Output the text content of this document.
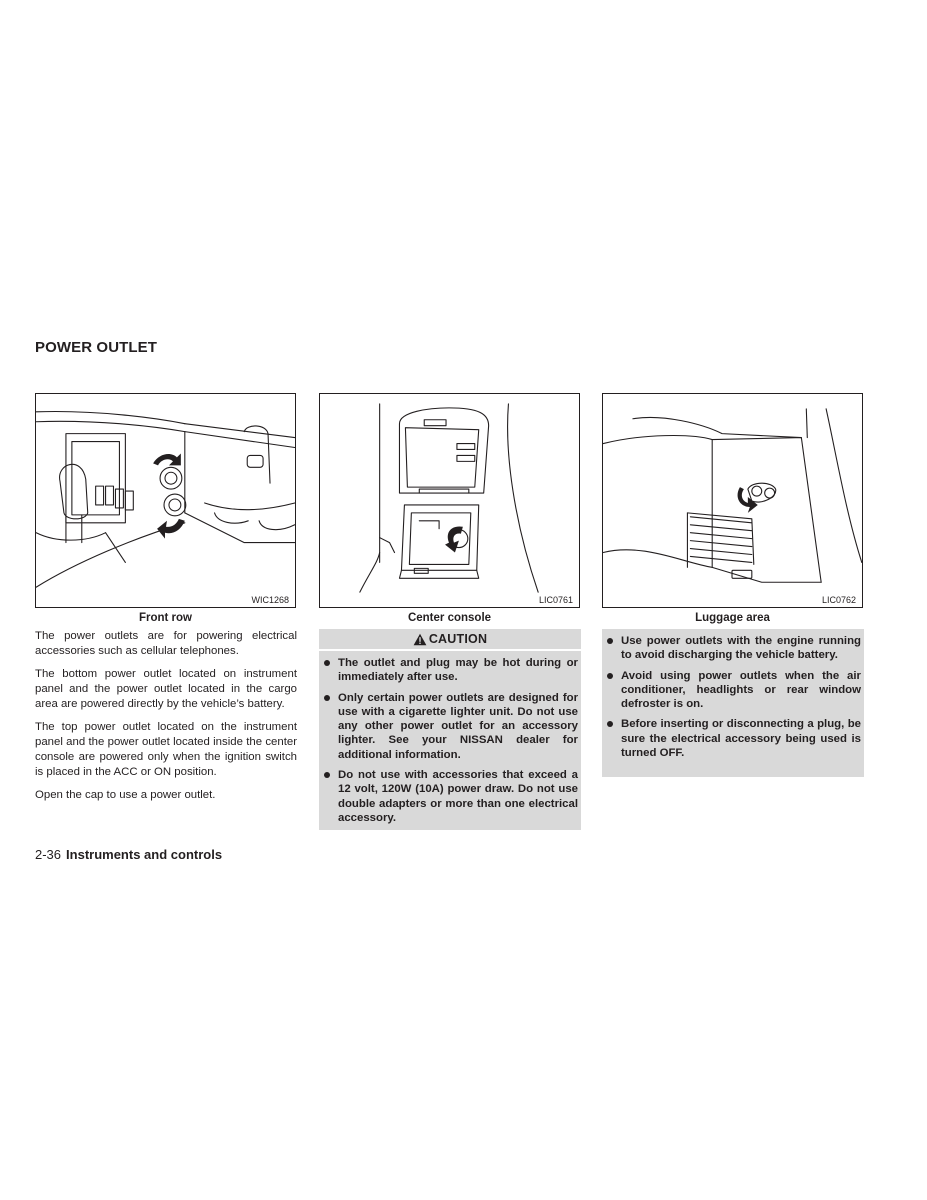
POWER OUTLET
WIC1268	LIC0761	LIC0762
Front row	Center console	Luggage area

The power outlets are for powering electrical accessories such as cellular telephones.

The bottom power outlet located on instrument panel and the power outlet located in the cargo area are powered directly by the vehicle’s battery.

The top power outlet located on the instrument panel and the power outlet located inside the center console are powered only when the ignition switch is placed in the ACC or ON position.

Open the cap to use a power outlet.

CAUTION
The outlet and plug may be hot during or immediately after use.
Only certain power outlets are designed for use with a cigarette lighter unit. Do not use any other power outlet for an accessory lighter. See your NISSAN dealer for additional information.
Do not use with accessories that exceed a 12 volt, 120W (10A) power draw. Do not use double adapters or more than one electrical accessory.
Use power outlets with the engine running to avoid discharging the vehicle battery.
Avoid using power outlets when the air conditioner, headlights or rear window defroster is on.
Before inserting or disconnecting a plug, be sure the electrical accessory being used is turned OFF.
2-36 Instruments and controls
